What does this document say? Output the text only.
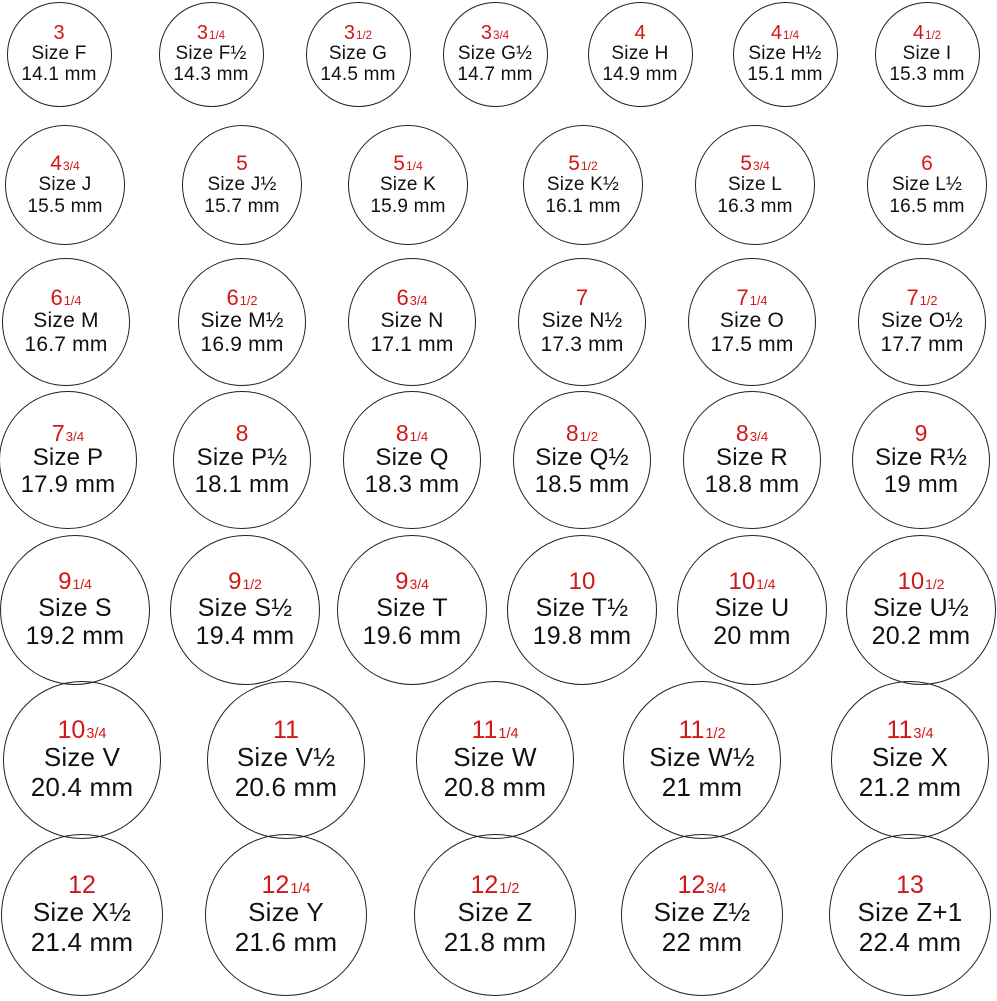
3
Size F
14.1 mm
31/4
Size F½
14.3 mm
31/2
Size G
14.5 mm
33/4
Size G½
14.7 mm
4
Size H
14.9 mm
41/4
Size H½
15.1 mm
41/2
Size I
15.3 mm
43/4
Size J
15.5 mm
5
Size J½
15.7 mm
51/4
Size K
15.9 mm
51/2
Size K½
16.1 mm
53/4
Size L
16.3 mm
6
Size L½
16.5 mm
61/4
Size M
16.7 mm
61/2
Size M½
16.9 mm
63/4
Size N
17.1 mm
7
Size N½
17.3 mm
71/4
Size O
17.5 mm
71/2
Size O½
17.7 mm
73/4
Size P
17.9 mm
8
Size P½
18.1 mm
81/4
Size Q
18.3 mm
81/2
Size Q½
18.5 mm
83/4
Size R
18.8 mm
9
Size R½
19 mm
91/4
Size S
19.2 mm
91/2
Size S½
19.4 mm
93/4
Size T
19.6 mm
10
Size T½
19.8 mm
101/4
Size U
20 mm
101/2
Size U½
20.2 mm
103/4
Size V
20.4 mm
11
Size V½
20.6 mm
111/4
Size W
20.8 mm
111/2
Size W½
21 mm
113/4
Size X
21.2 mm
12
Size X½
21.4 mm
121/4
Size Y
21.6 mm
121/2
Size Z
21.8 mm
123/4
Size Z½
22 mm
13
Size Z+1
22.4 mm
